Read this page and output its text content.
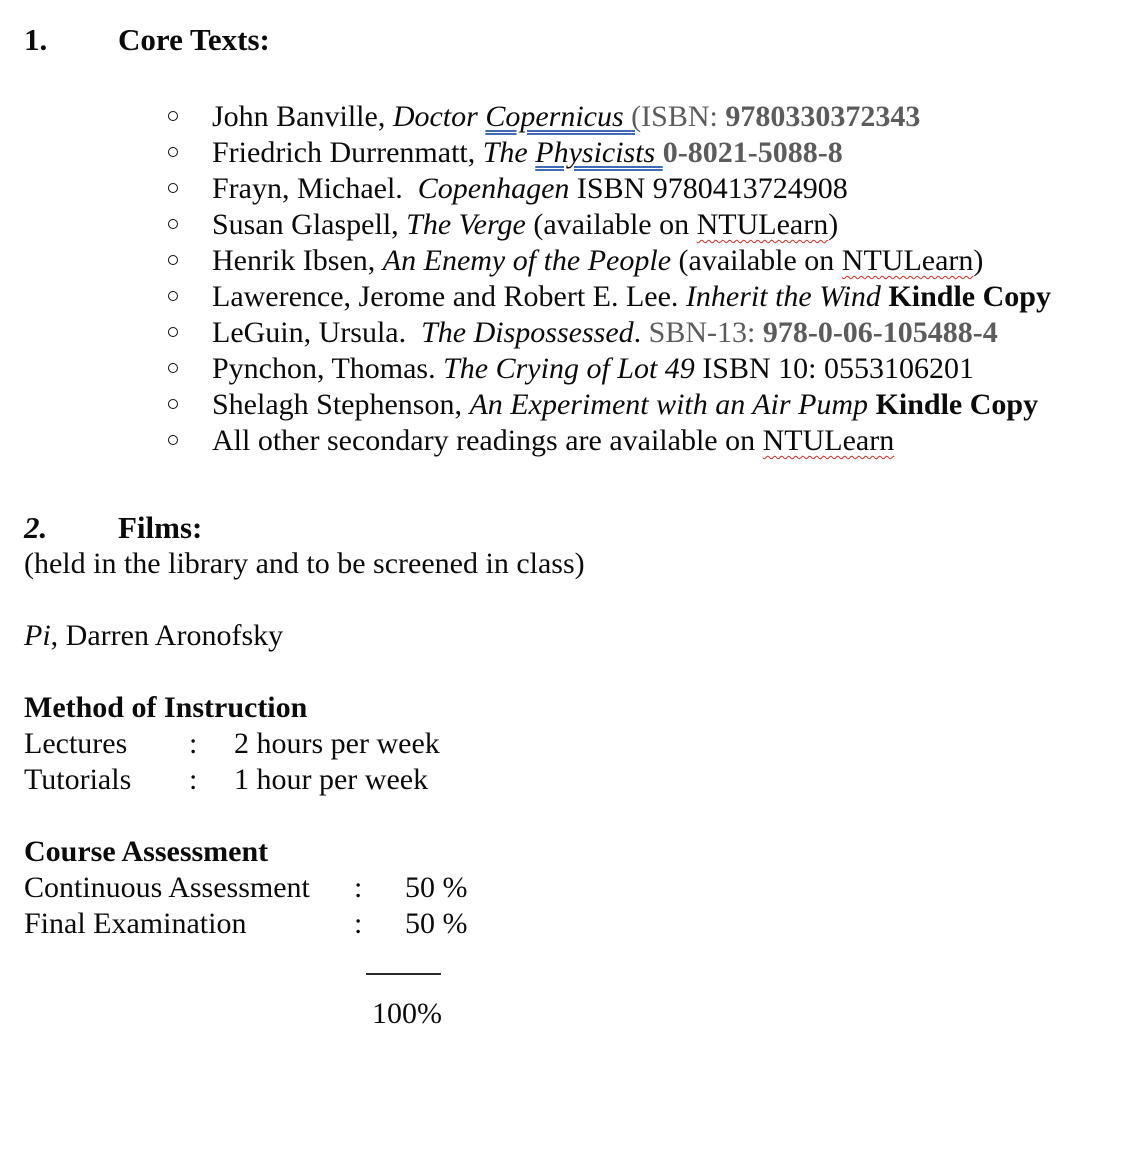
1. Core Texts:
John Banville, Doctor Copernicus (ISBN: 9780330372343
Friedrich Durrenmatt, The Physicists 0-8021-5088-8
Frayn, Michael.  Copenhagen ISBN 9780413724908
Susan Glaspell, The Verge (available on NTULearn)
Henrik Ibsen, An Enemy of the People (available on NTULearn)
Lawerence, Jerome and Robert E. Lee. Inherit the Wind Kindle Copy
LeGuin, Ursula.  The Dispossessed. SBN-13: 978-0-06-105488-4
Pynchon, Thomas. The Crying of Lot 49 ISBN 10: 0553106201
Shelagh Stephenson, An Experiment with an Air Pump Kindle Copy
All other secondary readings are available on NTULearn
2. Films:

(held in the library and to be screened in class)

Pi, Darren Aronofsky

Method of Instruction

Lectures : 2 hours per week
Tutorials : 1 hour per week

Course Assessment

Continuous Assessment : 50 %
Final Examination	: 50 %

100%
